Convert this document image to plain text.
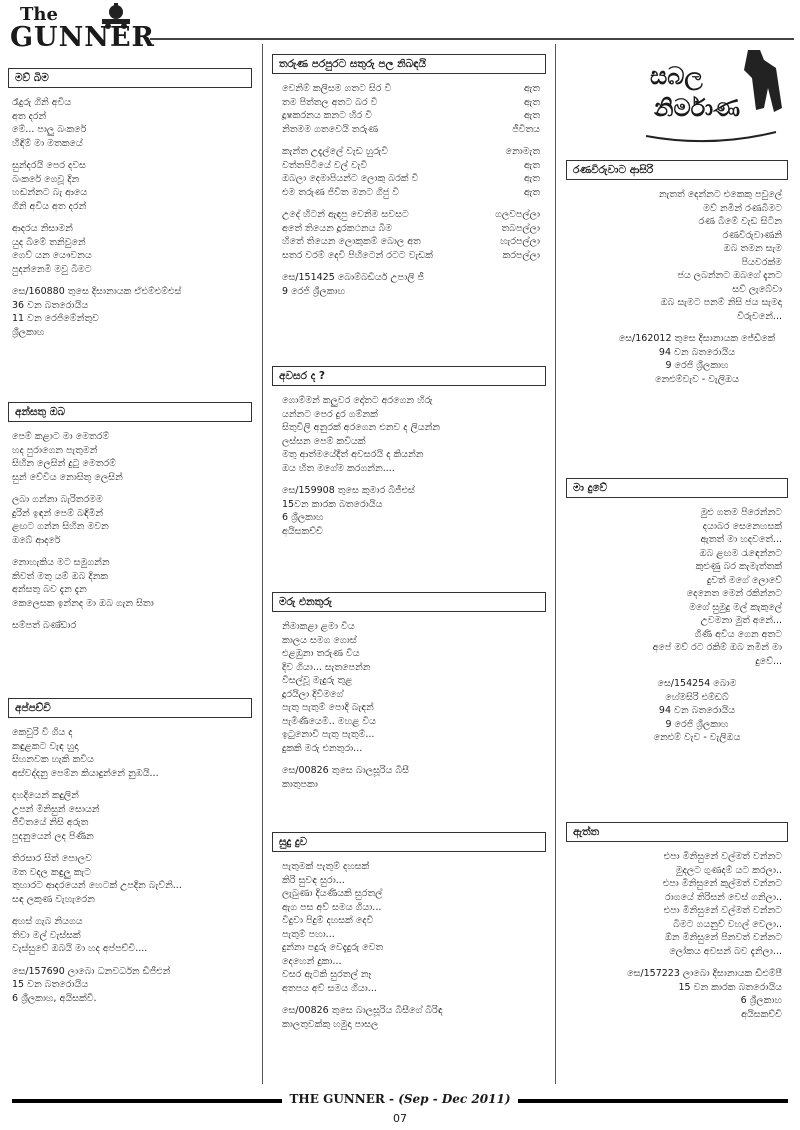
The
GUNNER
සබල
නිර්මාණ
මව් බිම
රෑදුරු ගිනි අවිය
අත දරන්
මේ... පාලු බංකරේ
හිඳිම් මා මතකයේ
සුන්දරයි පෙර දවස
බංකරේ ගෙවූ දින
හඬන්නට බැ ආයෙ
ගිනි අවිය අත දරන්
ආදරය නිසාමන්
යුද බිමේ තනිවුනේ
ගෙව් යන යෞවනය
පුදන්නෙමි මවු බිමට
සෙ/160880 තුසෙ දිසානායක ඒඑම්එම්එස්
36 වන බතරොයිය
11 වන රෙජිමේන්තුව
ශ්‍රීලකාහ
අන්සතු ඔබ
පෙම් කළාට මා මෙතරම්
හද පුරාගෙන පැතුමන්
සිහින ලෙසින් දුටු මෙතරම්
සුන් වේවිය නොසිතූ ලෙසින්
ලබා ගන්නා බැරිතරමම
දුරින් ඉඳන් පෙම් බඳිමින්
ළඟට ගන්න සිහින මවන
ඔබේ ආදරේ
නොහැකිය මට සමුගන්න
කිවත් මතු යම් ඔබ දිනක
අන්සතු බව දැන දැන
කෙලෙසක ඉන්නද මා ඔබ ගැන සිතා
සම්පත් බණ්ඩාර
අප්පච්චි
කෙවුරි වී ගිය ද
කඳුළකට වැඳ හුදා
සිහනවක හැකි කවිය
අස්වද්දනු පෙම්න කියාදුන්නේ නුඹයි...
දහදියෙන් කදුලින්
උපන් මිනිසුන් සොයන්
ජීවිතයේ නිසි අරුත
පුදනුයෙන් ලද පිණින
තිරසාර සිත් පොලව
මත වදල කඳුලු කැට
තුහාරට ආදරයෙන් හෙටක් උපදින බැව්නි...
සඳ ලකුණ වැහැරෙන
අහස් ගැබ නියගය
තිවා මල් වැස්සක්
වැස්සුවේ ඔබයි මා හද අප්පච්චි....
සෙ/157690 ලාබො ධනවර්ධන ඩීජීඑන්
15 වන බතරොයිය
6 ශ්‍රීලකාහ, අයිසක්වී.
තරුණ පරපුරට සතුරු පල නිබඳයි
වෙනිම් කලිසම ගතට සිර වී	ඇත
තම පිත්තල අතට බර වී	ඇත
දූෂකරනය කනට හිර වී	ඇත
නිතමම ගතවෙයි තරුණ	ජීවිතය
කැන්ත උදැල්ලේ වැඩ හුරුවී	නොමැත
වත්තපිටියේ වල් වැවී	ඇත
ඔබලා දෙමාපියන්ට ලොකු බරක් වී	ඇත
එම තරුණ ජිවිත මනට ගිජු වී	ඇත
උදේ හිටන් ඇඳපු වෙනිම සවසට	ගලවපල්ලා
අතේ තියෙන දූරකථනය බිම	තබපල්ලා
හිතේ තියෙන ලොකුකම් බොල අත	හැරපල්ලා
සතර වරම් දෙවි පිහිටෙන් රටට වැඩක්	කරපල්ලා
සෙ/151425 බොම්බඩියර් උපාලි ජී
9 රෙජි ශ්‍රීලකාහ
අවසර ද ?
ගොම්මන් කලුවර දෝතට අරගෙන හිරු
යන්නට පෙර දුර ගම්නක්
සිතුවිලි අනුරක් අරගෙන එනව ද ලියන්න
ලස්සන පෙම් කවියක්
මතු ආත්මයේදීත් අවසරයි ද කියන්න
ඔය හිත මගේම කරගන්න....
සෙ/159908 තුසෙ කුමාර බීජීඑස්
15වන කාරක බතරොයිය
6 ශ්‍රීලකාහ
අයිසකච්චි
මරු එනතුරු
නිමාකළා ළමා විය
කාලය සමග ගොස්
එළඹුනා තරුණ විය
දිව ගියා... සැතපෙන්න
වීසල්වූ මැදුරු තුළ
දූරයිලා දිවිමගේ
පැතු පැතුම් පොදි බැඳන්
පැමිණියෙමි.. මහළ විය
ඉටුනොවී පැතු පැතුම්...
දුකකි මරු එනතුරා...
සෙ/00826 තුසෙ බාලසූරිය බීසී
කාතුපකා
සුදු දුව
පැතුමක් පැතුම් දහසක්
කිරි සුවඳ සුරා...
ලැබුණා දියණියකි සුරතල්
ඇග පස අව් සමය ගියා...
විදුවා පිදුම් දහසක් දෙවී
පැතුම් පහා...
දුන්නා පදුරු වෙදැදුරු වෙත
දෙහෙන් දුකා...
වසර ඇටකි සුරතල් නෑ
අතපය අව් සමය ගියා...
සෙ/00826 තුසෙ බාලසූරිය බීසීගේ බිරිඳ
කාලතුවක්කු හමුදා පාසල
රණවිරුවාට ආසිරි
නැතත් දෙන්නට එකෙකු පවුලේ
මව් නමින් රණබිමට
රණ බිමේ වැඩ සිටින
රණවිරුවාණනි
ඔබ තමන සැම
පියවරක්ම
ජය ලබන්නට ඔබගේ දැනට
සව් ලැබේවා
ඔබ සැමට පනම් නිසි ජය සැමදා
වීරුවනේ...
සෙ/162012 තුසෙ දිසානායක ජේඩීකේ
94 වන බතරොයිය
9 රෙජි ශ්‍රීලකාහ
නෙළුම්වැව - වැලිඔය
මා දුවේ
මුළු ගතම පිරෙන්නට
දයාබර සෙනෙහසක්
ඇතත් මා හදවතේ...
ඔබ ළඟම රැඳෙන්නට
කුළුණු බර කැමැත්තක්
දුවත් මගේ ලොවේ
දෙනෙත මෙන් රකින්නට
මගේ සුමුදු මල් කැකුලේ
උවමනා මුත් අනේ...
ගිණි අවිය ගෙන අතට
අපේ මව් රට රකිම් ඔබ නමින් මා
දුවේ...
සෙ/154254 බොම
හේමසිරි එම්ඩබ්
94 වන බතරොයිය
9 රෙජි ශ්‍රීලකාහ
නෙළුම් වැව - වැලිඔය
ඇත්ත
එපා මිනිසුනේ වල්මත් වන්නට
මුදලට ගුණදම් යට කරලා..
එපා මිනිසුනේ කුල්මත් වන්නට
රාගයේ තිරිසන් වෙස් ගනිලා..
එපා මිනිසුනේ වල්මත් වන්නට
බිමට ගයනුව් වහල් වෙලා..
ඕන මිනිසුනේ පිනවත් වන්නට
ලෝකය අවසන් බව දැනිලා...
සෙ/157223 ලාබො දිසානායක ඩීඑම්පී
15 වන කාරක බතරොයිය
6 ශ්‍රීලකාහ
අයිසකච්චි
THE GUNNER - (Sep - Dec 2011)
07
